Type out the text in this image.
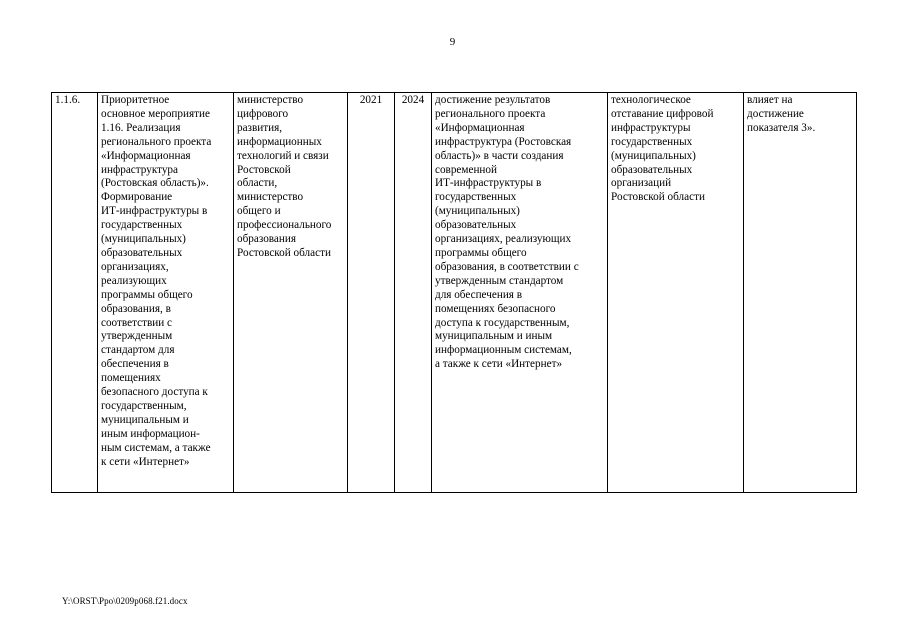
9
1.1.6.	Приоритетное
основное мероприятие
1.16. Реализация
регионального проекта
«Информационная
инфраструктура
(Ростовская область)».
Формирование
ИТ-инфраструктуры в
государственных
(муниципальных)
образовательных
организациях,
реализующих
программы общего
образования, в
соответствии с
утвержденным
стандартом для
обеспечения в
помещениях
безопасного доступа к
государственным,
муниципальным и
иным информацион-
ным системам, а также
к сети «Интернет»	министерство
цифрового
развития,
информационных
технологий и связи
Ростовской
области,
министерство
общего и
профессионального
образования
Ростовской области	2021	2024	достижение результатов
регионального проекта
«Информационная
инфраструктура (Ростовская
область)» в части создания
современной
ИТ-инфраструктуры в
государственных
(муниципальных)
образовательных
организациях, реализующих
программы общего
образования, в соответствии с
утвержденным стандартом
для обеспечения в
помещениях безопасного
доступа к государственным,
муниципальным и иным
информационным системам,
а также к сети «Интернет»	технологическое
отставание цифровой
инфраструктуры
государственных
(муниципальных)
образовательных
организаций
Ростовской области	влияет на
достижение
показателя 3».
Y:\ORST\Ppo\0209p068.f21.docx
